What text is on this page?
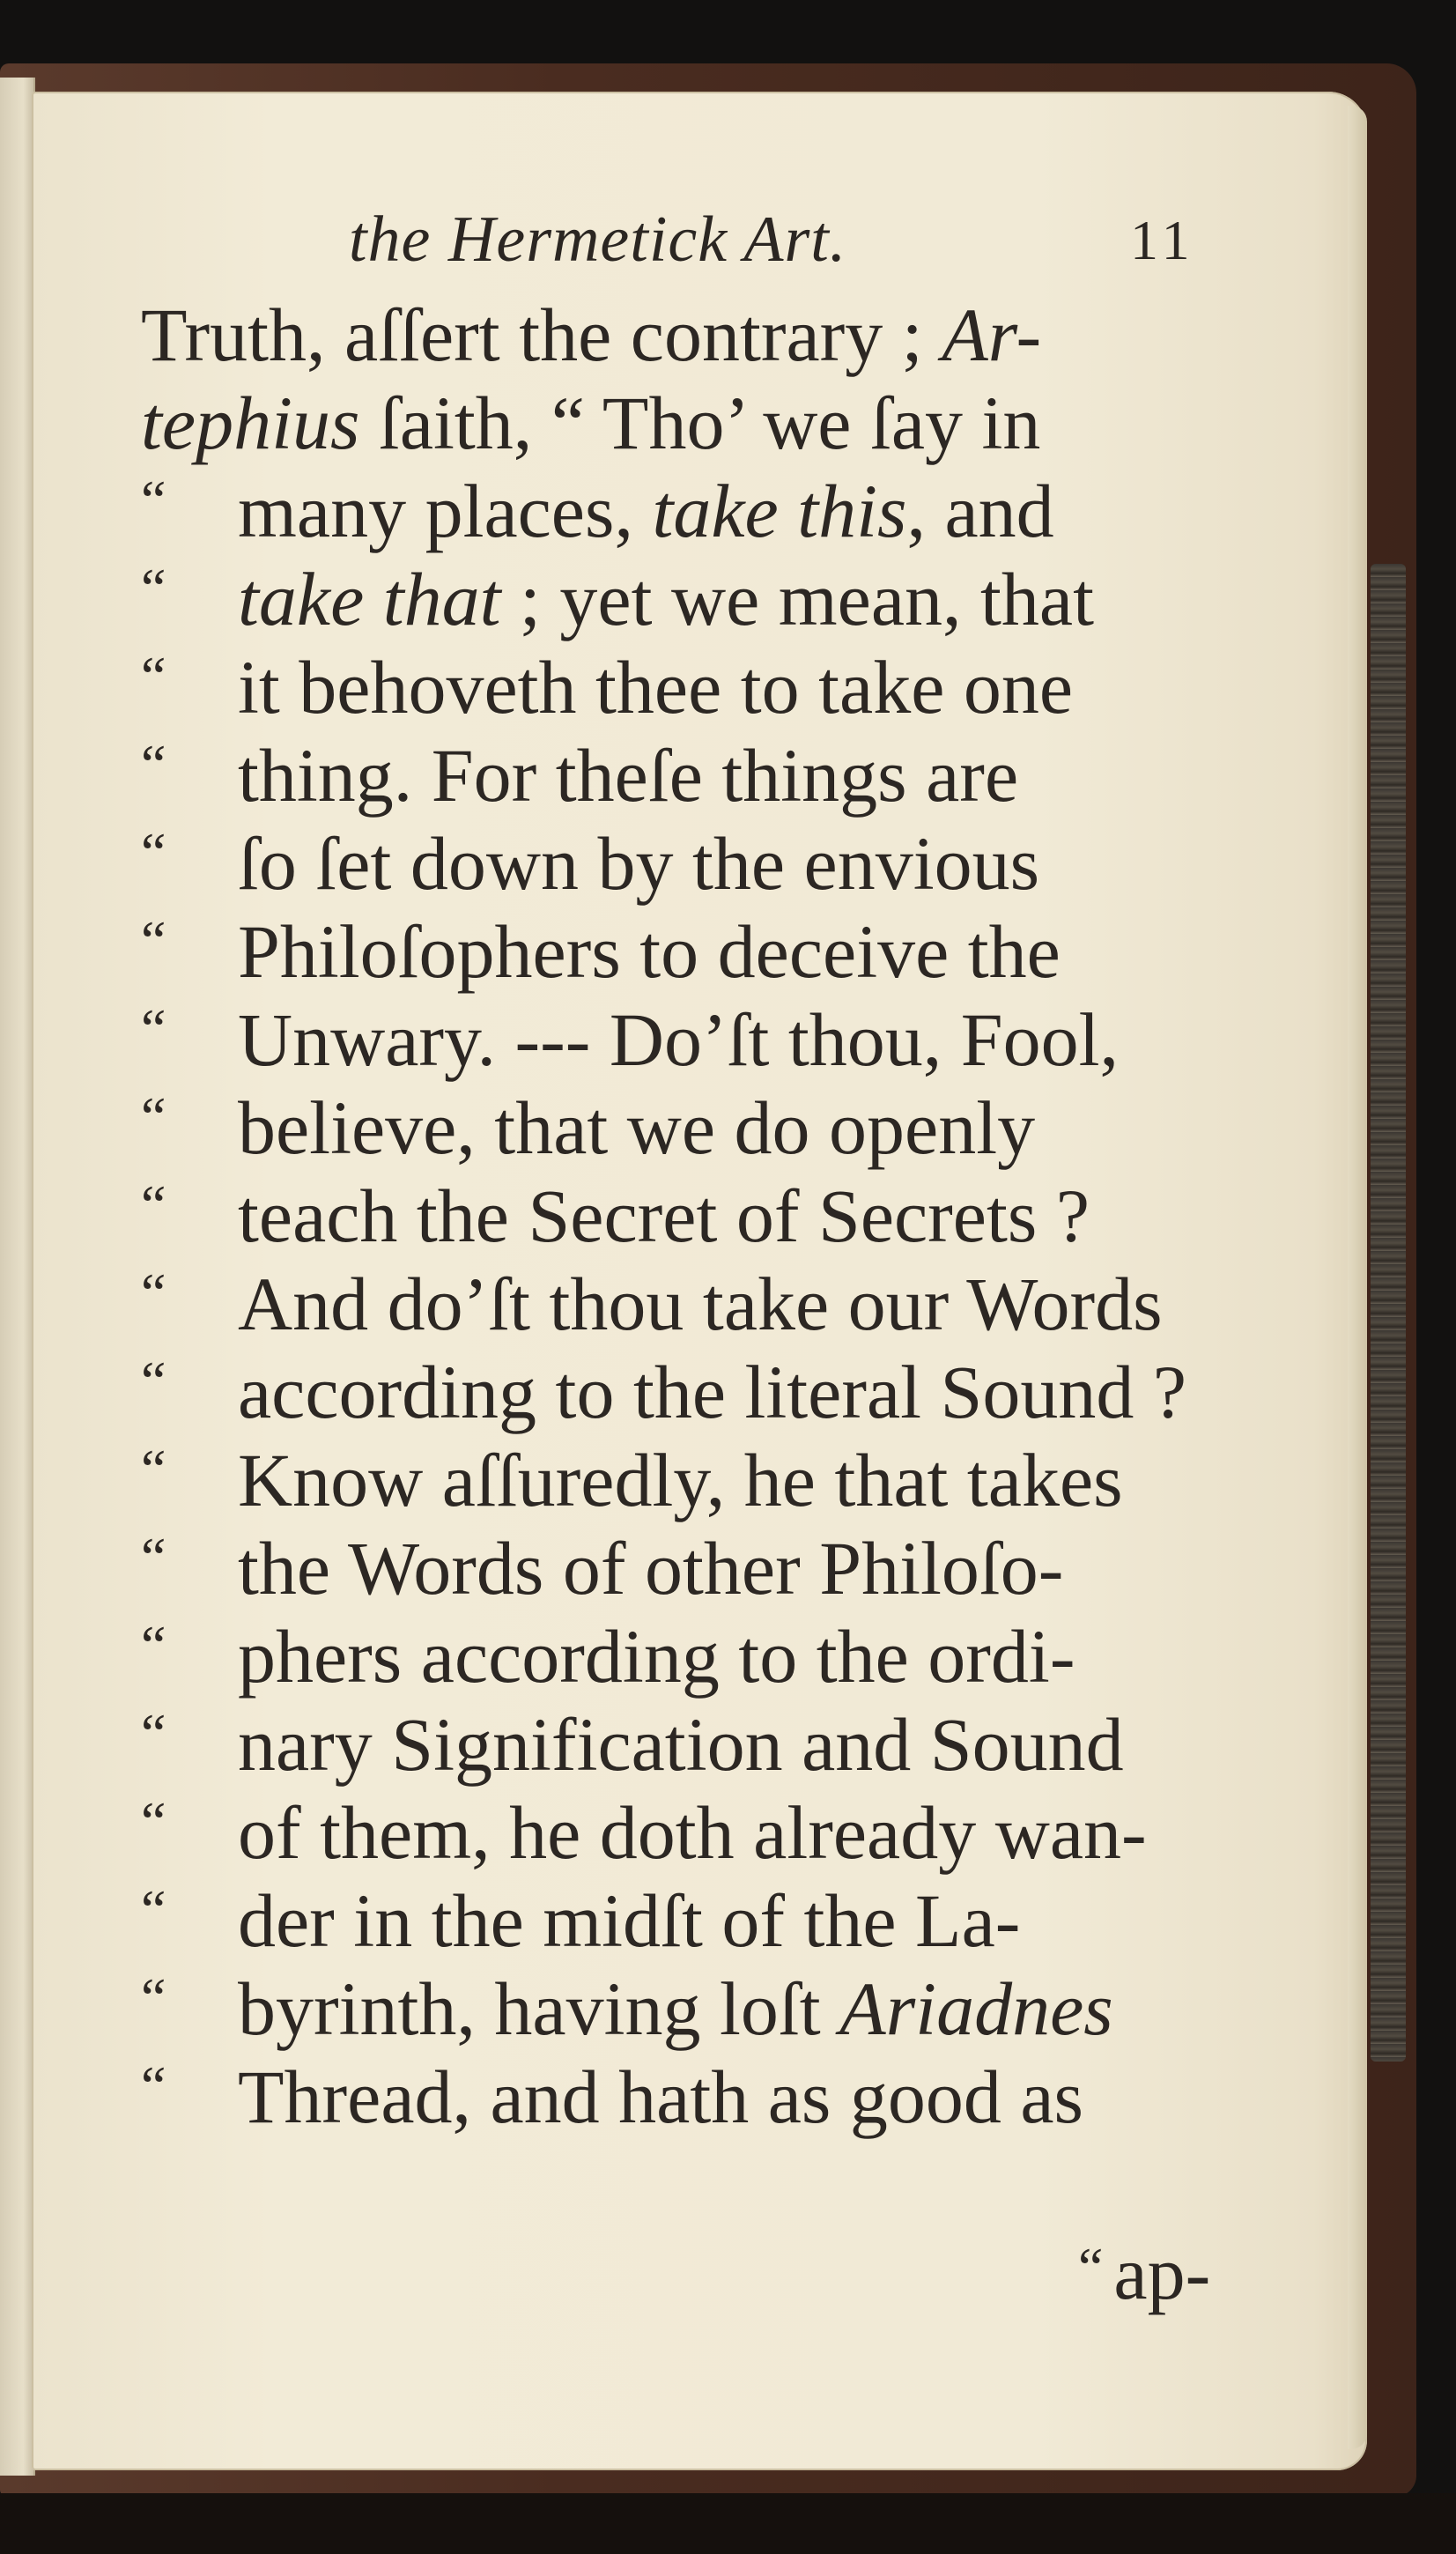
the Hermetick Art.	11
Truth, aſſert the contrary ; Ar-
tephius ſaith, “ Tho’ we ſay in
“ many places, take this, and
“ take that ; yet we mean, that
“ it behoveth thee to take one
“ thing. For theſe things are
“ ſo ſet down by the envious
“ Philoſophers to deceive the
“ Unwary. --- Do’ſt thou, Fool,
“ believe, that we do openly
“ teach the Secret of Secrets ?
“ And do’ſt thou take our Words
“ according to the literal Sound ?
“ Know aſſuredly, he that takes
“ the Words of other Philoſo-
“ phers according to the ordi-
“ nary Signification and Sound
“ of them, he doth already wan-
“ der in the midſt of the La-
“ byrinth, having loſt Ariadnes
“ Thread, and hath as good as
“ ap-
